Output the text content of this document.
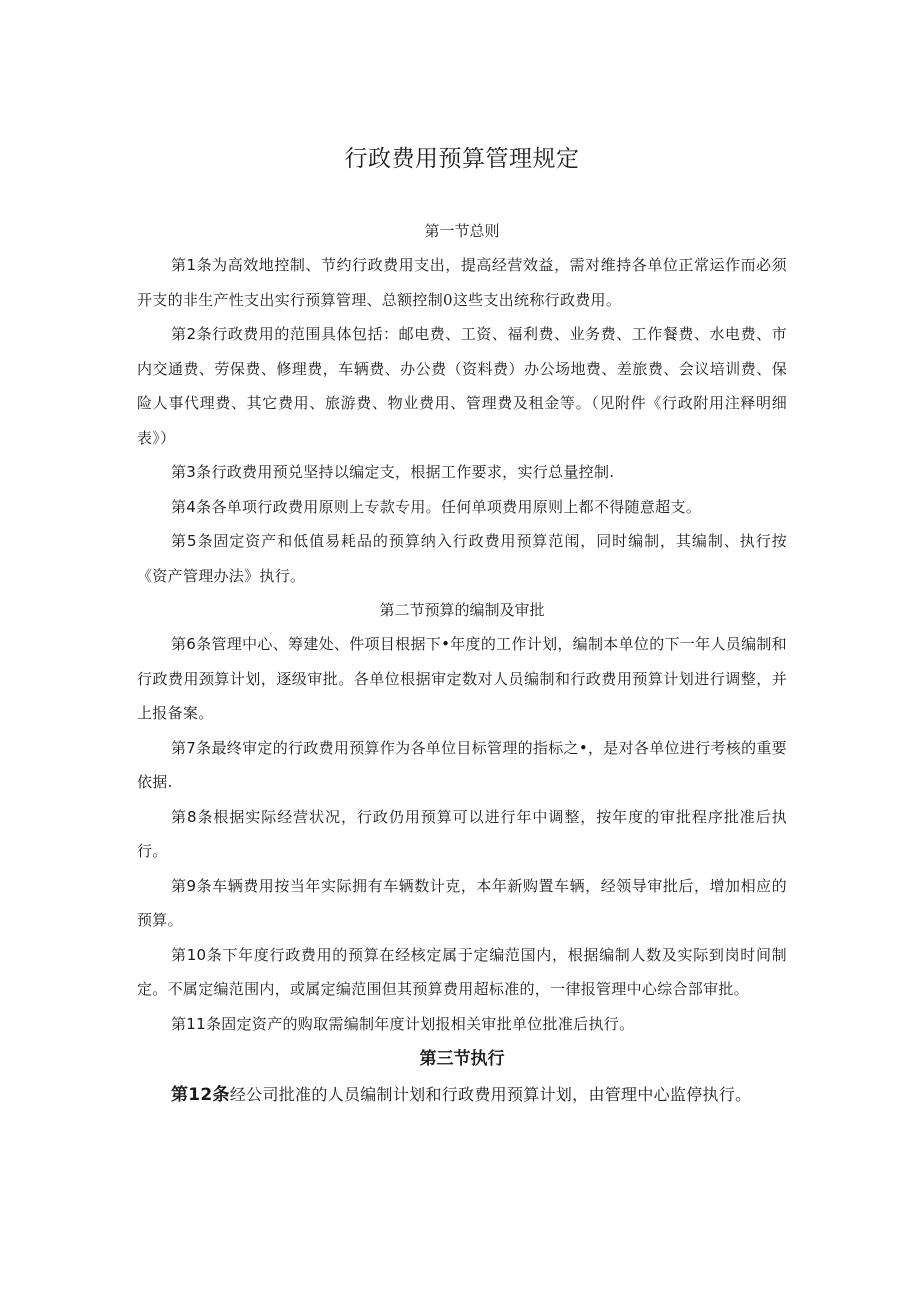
行政费用预算管理规定
第一节总则

第1条为高效地控制、节约行政费用支出，提高经营效益，需对维持各单位正常运作而必须开支的非生产性支出实行预算管理、总额控制0这些支出统称行政费用。

第2条行政费用的范围具体包括：邮电费、工资、福利费、业务费、工作餐费、水电费、市内交通费、劳保费、修理费，车辆费、办公费（资料费）办公场地费、差旅费、会议培训费、保险人事代理费、其它费用、旅游费、物业费用、管理费及租金等。（见附件《行政附用注释明细表》）

第3条行政费用预兑坚持以编定支，根据工作要求，实行总量控制.

第4条各单项行政费用原则上专款专用。任何单项费用原则上都不得随意超支。

第5条固定资产和低值易耗品的预算纳入行政费用预算范闱，同时编制，其编制、执行按《资产管理办法》执行。

第二节预算的编制及审批

第6条管理中心、筹建处、件项目根据下•年度的工作计划，编制本单位的下一年人员编制和行政费用颈算计划，逐级审批。各单位根据审定数对人员编制和行政费用预算计划进行调整，并上报备案。

第7条最终审定的行政费用预算作为各单位目标管理的指标之•，是对各单位进行考核的重要依据.

第8条根据实际经营状况，行政仍用预算可以进行年中调整，按年度的审批程序批准后执行。

第9条车辆费用按当年实际拥有车辆数计克，本年新购置车辆，经领导审批后，增加相应的预算。

第10条下年度行政费用的预算在经核定属于定编范国内，根据编制人数及实际到岗时间制定。不属定编范围内，或属定编范围但其预算费用超标准的，一律报管理中心综合部审批。

第11条固定资产的购取需编制年度计划报相关审批单位批准后执行。

第三节执行

第12条经公司批准的人员编制计划和行政费用预算计划，由管理中心监停执行。
